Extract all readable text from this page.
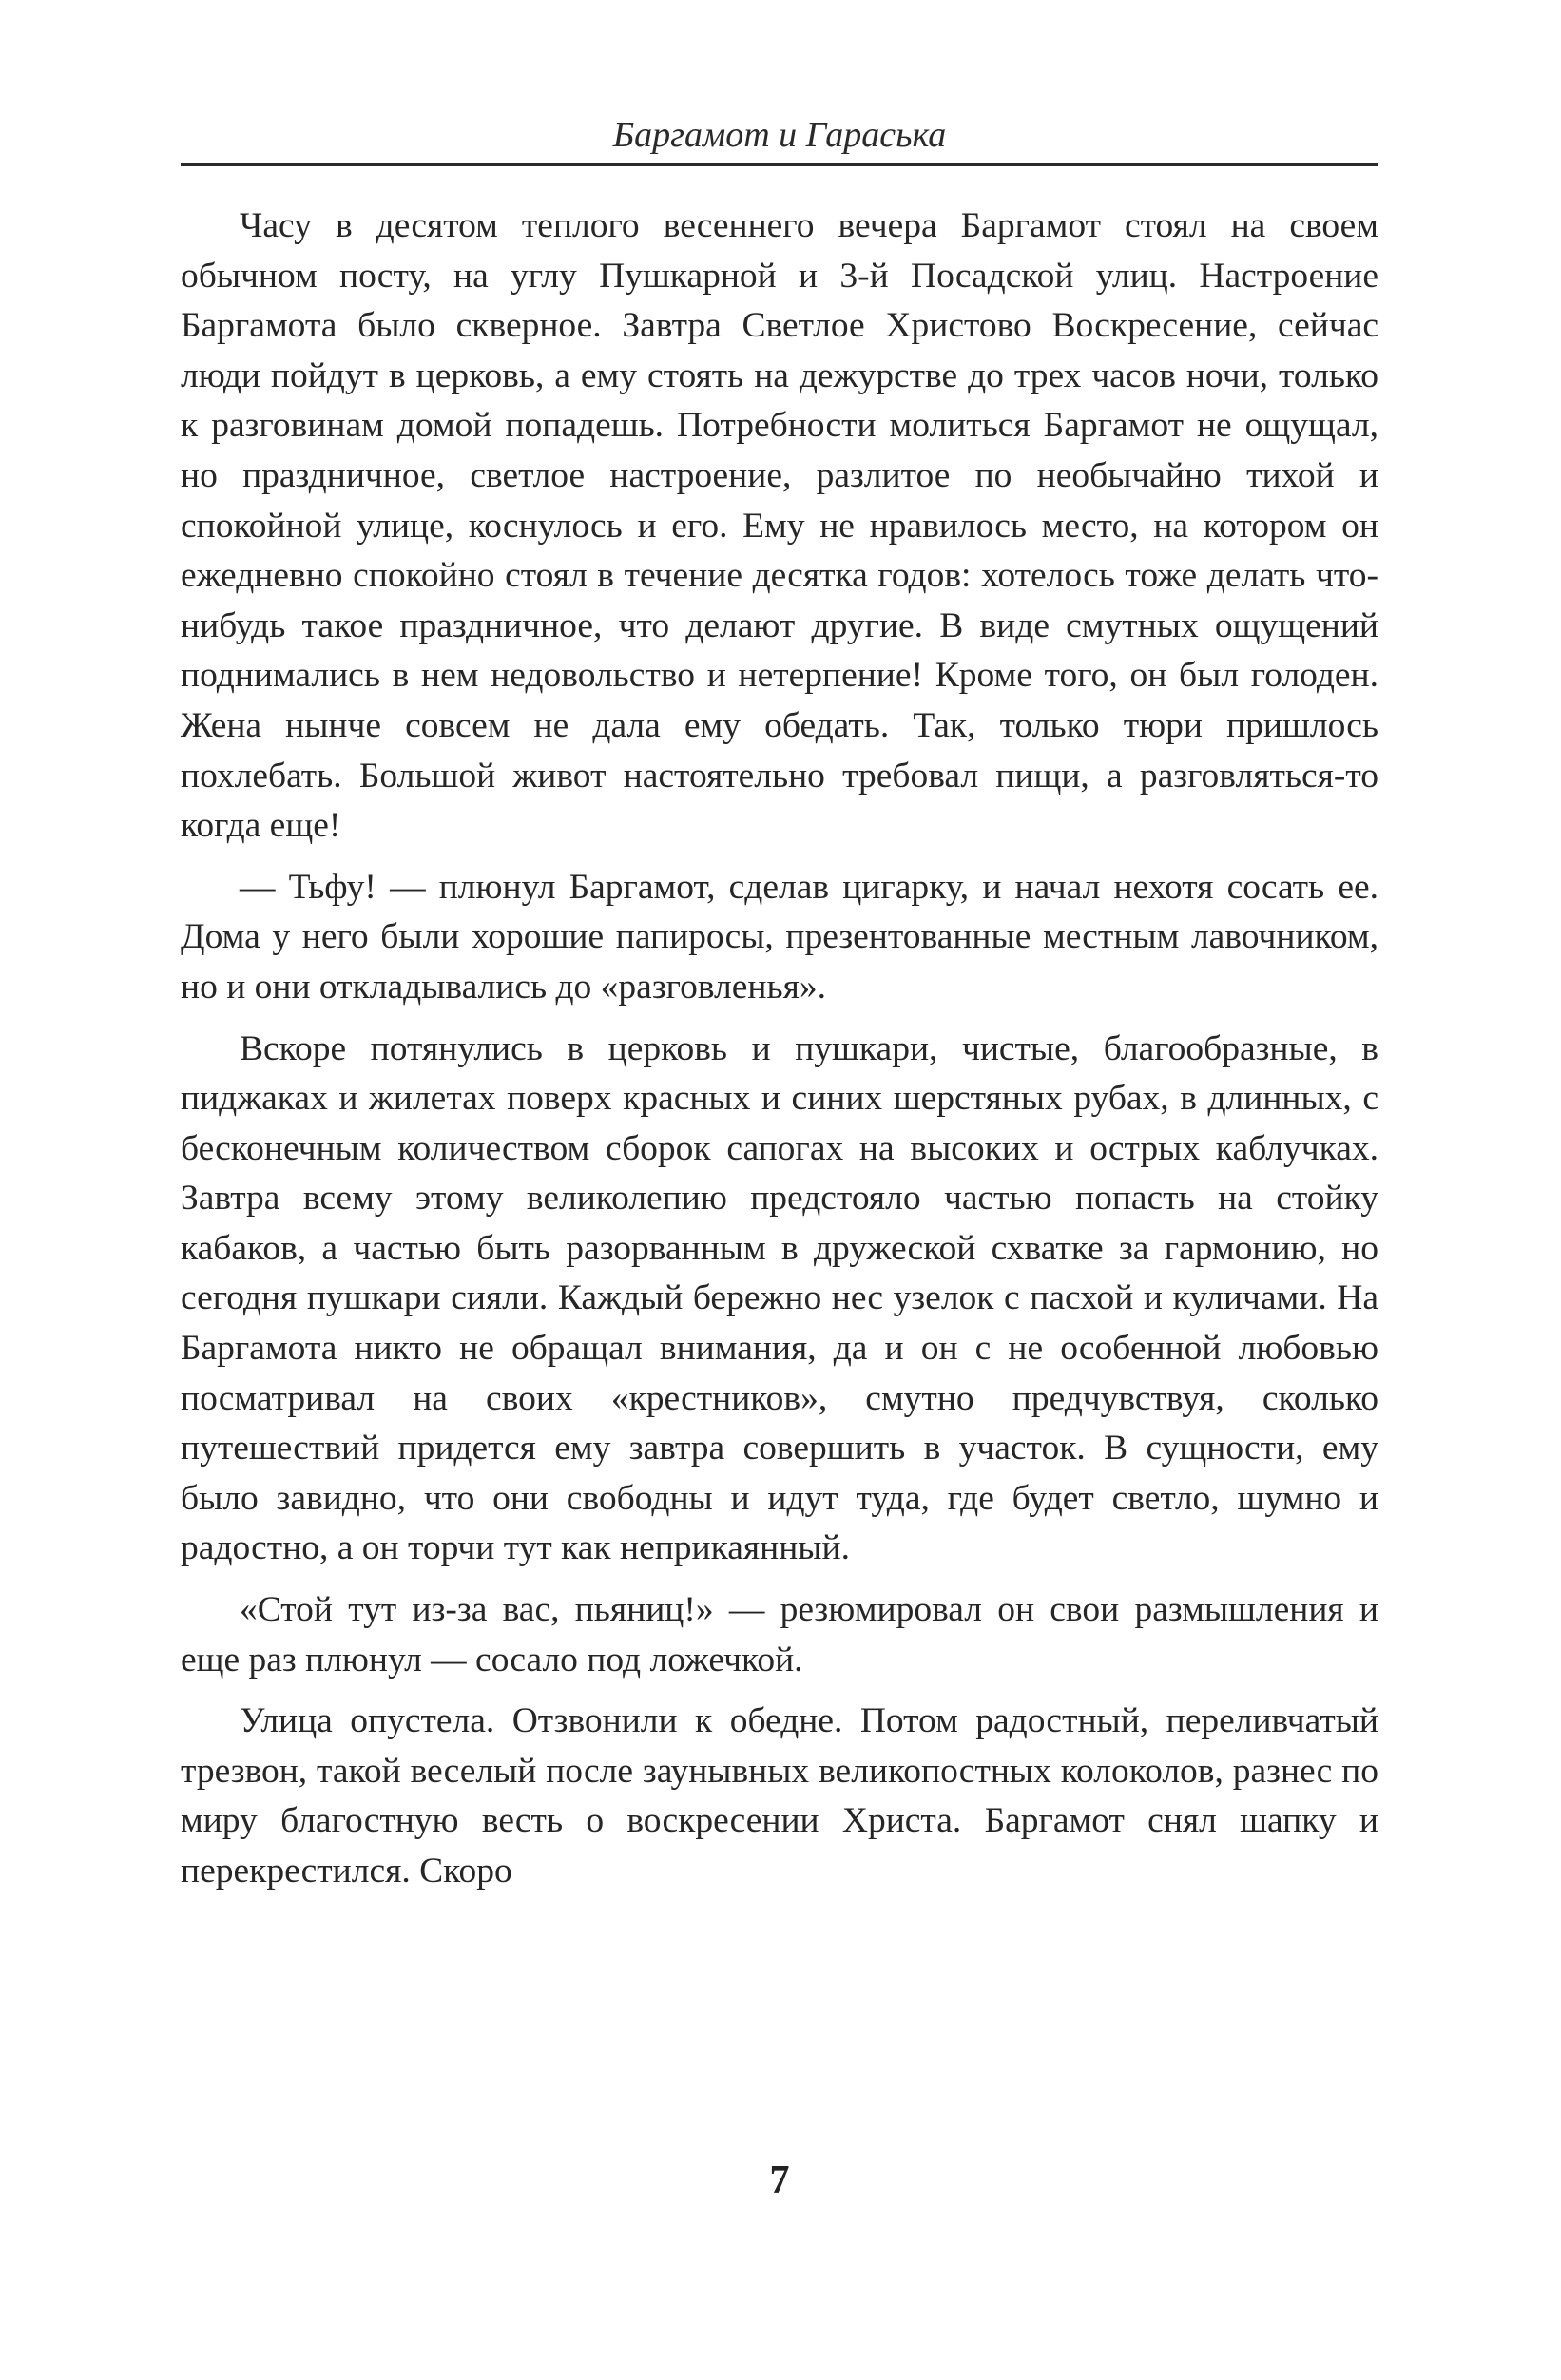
Баргамот и Гараська

Часу в десятом теплого весеннего вечера Баргамот стоял на своем обычном посту, на углу Пушкарной и 3-й Посадской улиц. Настроение Баргамота было скверное. Завтра Светлое Христово Воскресение, сейчас люди пойдут в церковь, а ему стоять на дежурстве до трех часов ночи, только к разговинам домой попадешь. Потребности молиться Баргамот не ощущал, но праздничное, светлое настроение, разлитое по необычайно тихой и спокойной улице, коснулось и его. Ему не нравилось место, на котором он ежедневно спокойно стоял в течение десятка годов: хотелось тоже делать что-нибудь такое праздничное, что делают другие. В виде смутных ощущений поднимались в нем недовольство и нетерпение! Кроме того, он был голоден. Жена нынче совсем не дала ему обедать. Так, только тюри пришлось похлебать. Большой живот настоятельно требовал пищи, а разговляться-то когда еще!

— Тьфу! — плюнул Баргамот, сделав цигарку, и начал нехотя сосать ее. Дома у него были хорошие папиросы, презентованные местным лавочником, но и они откладывались до «разговленья».

Вскоре потянулись в церковь и пушкари, чистые, благообразные, в пиджаках и жилетах поверх красных и синих шерстяных рубах, в длинных, с бесконечным количеством сборок сапогах на высоких и острых каблучках. Завтра всему этому великолепию предстояло частью попасть на стойку кабаков, а частью быть разорванным в дружеской схватке за гармонию, но сегодня пушкари сияли. Каждый бережно нес узелок с пасхой и куличами. На Баргамота никто не обращал внимания, да и он с не особенной любовью посматривал на своих «крестников», смутно предчувствуя, сколько путешествий придется ему завтра совершить в участок. В сущности, ему было завидно, что они свободны и идут туда, где будет светло, шумно и радостно, а он торчи тут как неприкаянный.

«Стой тут из-за вас, пьяниц!» — резюмировал он свои размышления и еще раз плюнул — сосало под ложечкой.

Улица опустела. Отзвонили к обедне. Потом радостный, переливчатый трезвон, такой веселый после заунывных великопостных колоколов, разнес по миру благостную весть о воскресении Христа. Баргамот снял шапку и перекрестился. Скоро

7
